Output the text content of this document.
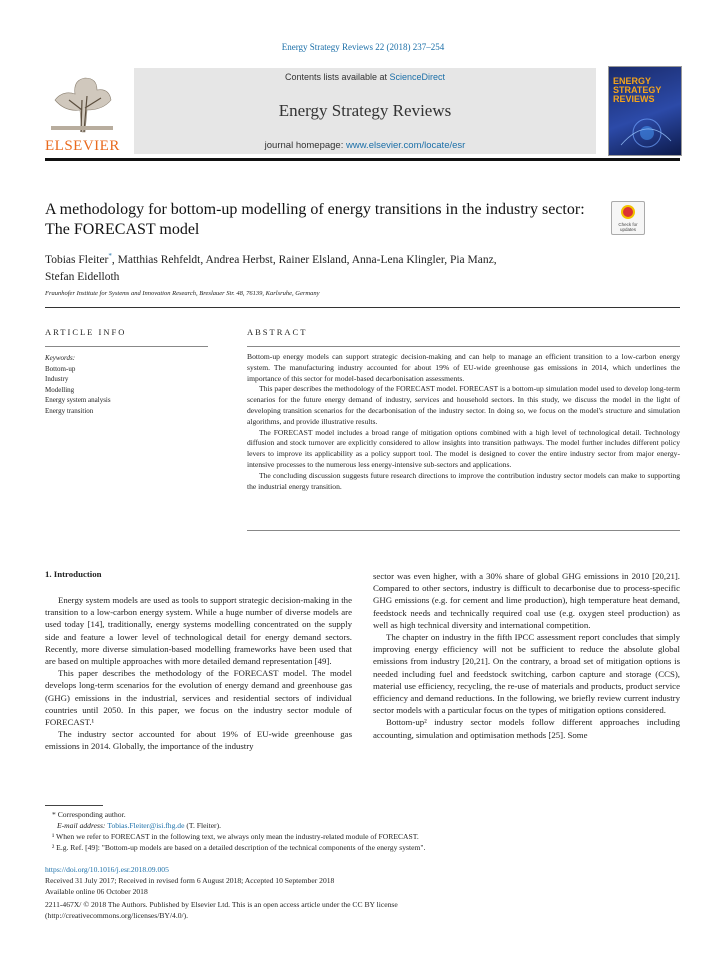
Energy Strategy Reviews 22 (2018) 237–254
ELSEVIER
Contents lists available at ScienceDirect
Energy Strategy Reviews
journal homepage: www.elsevier.com/locate/esr
ENERGY
STRATEGY
REVIEWS
A methodology for bottom-up modelling of energy transitions in the industry sector: The FORECAST model	Check for updates
Tobias Fleiter*, Matthias Rehfeldt, Andrea Herbst, Rainer Elsland, Anna-Lena Klingler, Pia Manz,
Stefan Eidelloth
Fraunhofer Institute for Systems and Innovation Research, Breslauer Str. 48, 76139, Karlsruhe, Germany
ARTICLE INFO
Keywords:
Bottom-up
Industry
Modelling
Energy system analysis
Energy transition
ABSTRACT

Bottom-up energy models can support strategic decision-making and can help to manage an efficient transition to a low-carbon energy system. The manufacturing industry accounted for about 19% of EU-wide greenhouse gas emissions in 2014, which underlines the importance of this sector for model-based decarbonisation assessments.

This paper describes the methodology of the FORECAST model. FORECAST is a bottom-up simulation model used to develop long-term scenarios for the future energy demand of industry, services and household sectors. In this study, we discuss the model in the light of developing transition scenarios for the decarbonisation of the industry sector. In doing so, we focus on the model's structure and simulation algorithms, and provide illustrative results.

The FORECAST model includes a broad range of mitigation options combined with a high level of technological detail. Technology diffusion and stock turnover are explicitly considered to allow insights into transition pathways. The model further includes different policy levers to improve its applicability as a policy support tool. The model is designed to cover the entire industry sector from major energy-intensive processes to the numerous less energy-intensive sub-sectors and applications.

The concluding discussion suggests future research directions to improve the contribution industry sector models can make to supporting the industrial energy transition.

1. Introduction

Energy system models are used as tools to support strategic decision-making in the transition to a low-carbon energy system. While a huge number of diverse models are used today [14], traditionally, energy systems modelling concentrated on the supply side and feature a lower level of technological detail for energy demand sectors. Recently, more diverse simulation-based modelling frameworks have been used that are based on multiple approaches with more detailed demand representation [49].

This paper describes the methodology of the FORECAST model. The model develops long-term scenarios for the evolution of energy demand and greenhouse gas (GHG) emissions in the industrial, services and residential sectors of individual countries until 2050. In this paper, we focus on the industry sector module of FORECAST.¹

The industry sector accounted for about 19% of EU-wide greenhouse gas emissions in 2014. Globally, the importance of the industry

sector was even higher, with a 30% share of global GHG emissions in 2010 [20,21]. Compared to other sectors, industry is difficult to decarbonise due to process-specific GHG emissions (e.g. for cement and lime production), high temperature heat demand, feedstock needs and technically required coal use (e.g. oxygen steel production) as well as high technical diversity and international competition.

The chapter on industry in the fifth IPCC assessment report concludes that simply improving energy efficiency will not be sufficient to reduce the absolute global emissions from industry [20,21]. On the contrary, a broad set of mitigation options is needed including fuel and feedstock switching, carbon capture and storage (CCS), material use efficiency, recycling, the re-use of materials and products, product service efficiency and demand reductions. In the following, we briefly review current industry sector models with a particular focus on the types of mitigation options considered.

Bottom-up² industry sector models follow different approaches including accounting, simulation and optimisation methods [25]. Some

* Corresponding author.
E-mail address: Tobias.Fleiter@isi.fhg.de (T. Fleiter).
¹ When we refer to FORECAST in the following text, we always only mean the industry-related module of FORECAST.
² E.g. Ref. [49]: "Bottom-up models are based on a detailed description of the technical components of the energy system".
https://doi.org/10.1016/j.esr.2018.09.005
Received 31 July 2017; Received in revised form 6 August 2018; Accepted 10 September 2018
Available online 06 October 2018
2211-467X/ © 2018 The Authors. Published by Elsevier Ltd. This is an open access article under the CC BY license
(http://creativecommons.org/licenses/BY/4.0/).
